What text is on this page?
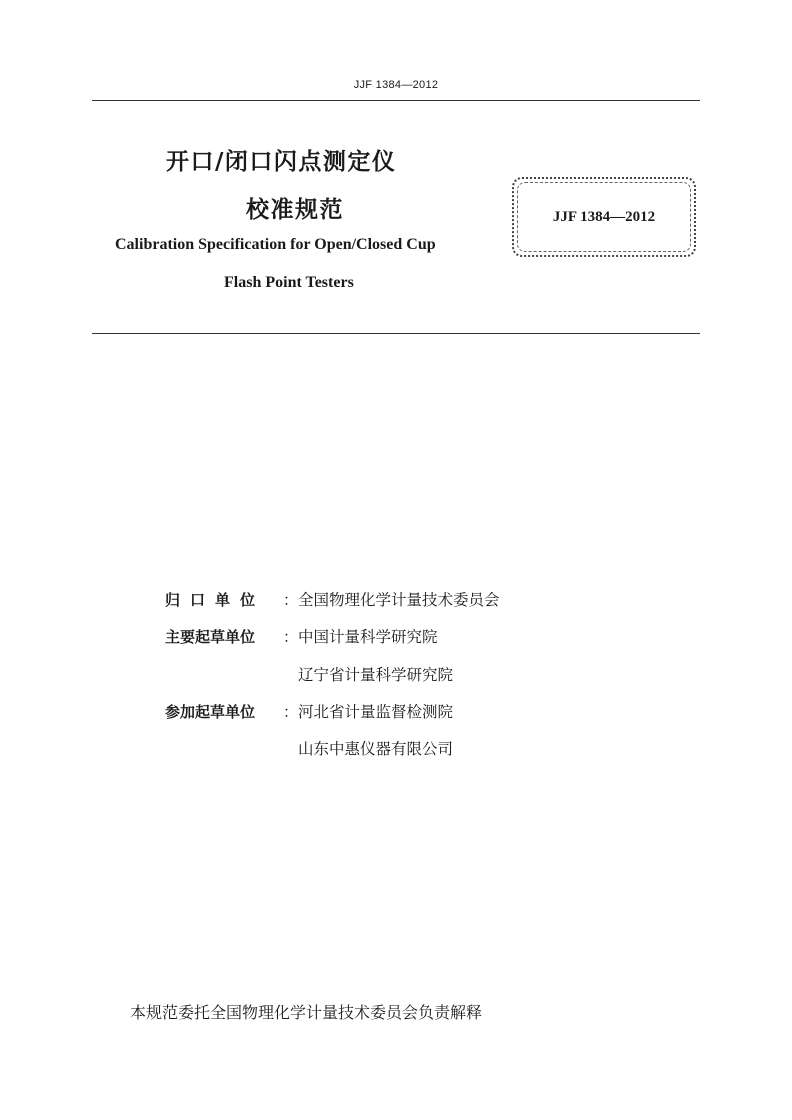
JJF 1384—2012
开口/闭口闪点测定仪
校准规范
Calibration Specification for Open/Closed Cup
Flash Point Testers
JJF 1384—2012
归口单位	： 全国物理化学计量技术委员会
主要起草单位	： 中国计量科学研究院
辽宁省计量科学研究院
参加起草单位	： 河北省计量监督检测院
山东中惠仪器有限公司
本规范委托全国物理化学计量技术委员会负责解释
